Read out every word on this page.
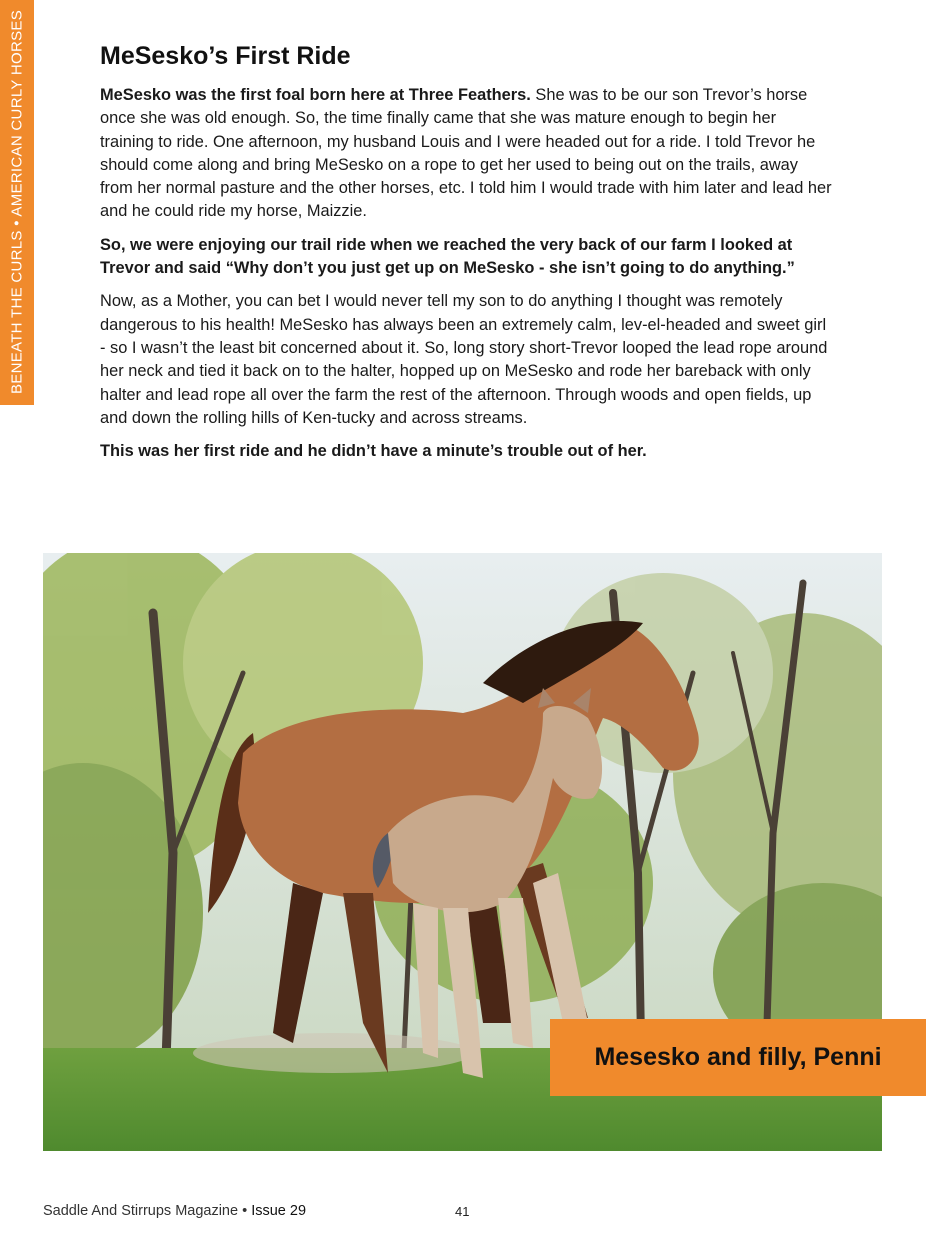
BENEATH THE CURLS • AMERICAN CURLY HORSES	MeSesko’s First Ride

MeSesko was the first foal born here at Three Feathers. She was to be our son Trevor’s horse once she was old enough. So, the time finally came that she was mature enough to begin her training to ride. One afternoon, my husband Louis and I were headed out for a ride. I told Trevor he should come along and bring MeSesko on a rope to get her used to being out on the trails, away from her normal pasture and the other horses, etc. I told him I would trade with him later and lead her and he could ride my horse, Maizzie.

So, we were enjoying our trail ride when we reached the very back of our farm I looked at Trevor and said “Why don’t you just get up on MeSesko - she isn’t going to do anything.”

Now, as a Mother, you can bet I would never tell my son to do anything I thought was remotely dangerous to his health! MeSesko has always been an extremely calm, lev-el-headed and sweet girl - so I wasn’t the least bit concerned about it. So, long story short-Trevor looped the lead rope around her neck and tied it back on to the halter, hopped up on MeSesko and rode her bareback with only halter and lead rope all over the farm the rest of the afternoon. Through woods and open fields, up and down the rolling hills of Ken-tucky and across streams.

This was her first ride and he didn’t have a minute’s trouble out of her.

Mesesko and filly, Penni
Saddle And Stirrups Magazine • Issue 29	41
